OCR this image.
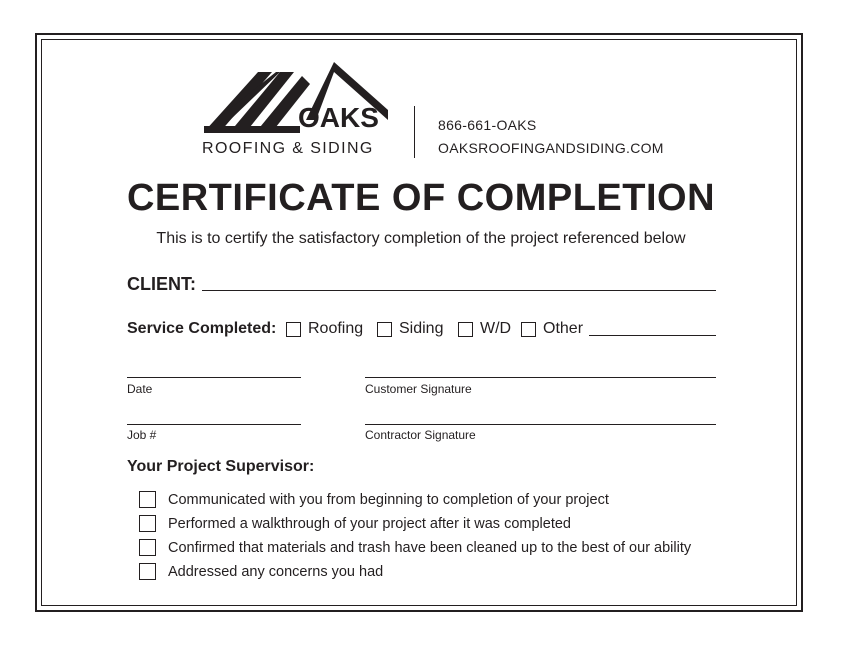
OAKS
ROOFING & SIDING
866-661-OAKS
OAKSROOFINGANDSIDING.COM
CERTIFICATE OF COMPLETION
This is to certify the satisfactory completion of the project referenced below
CLIENT:
Service Completed: Roofing Siding W/D Other
Date	Customer Signature
Job #	Contractor Signature
Your Project Supervisor:
Communicated with you from beginning to completion of your project
Performed a walkthrough of your project after it was completed
Confirmed that materials and trash have been cleaned up to the best of our ability
Addressed any concerns you had
